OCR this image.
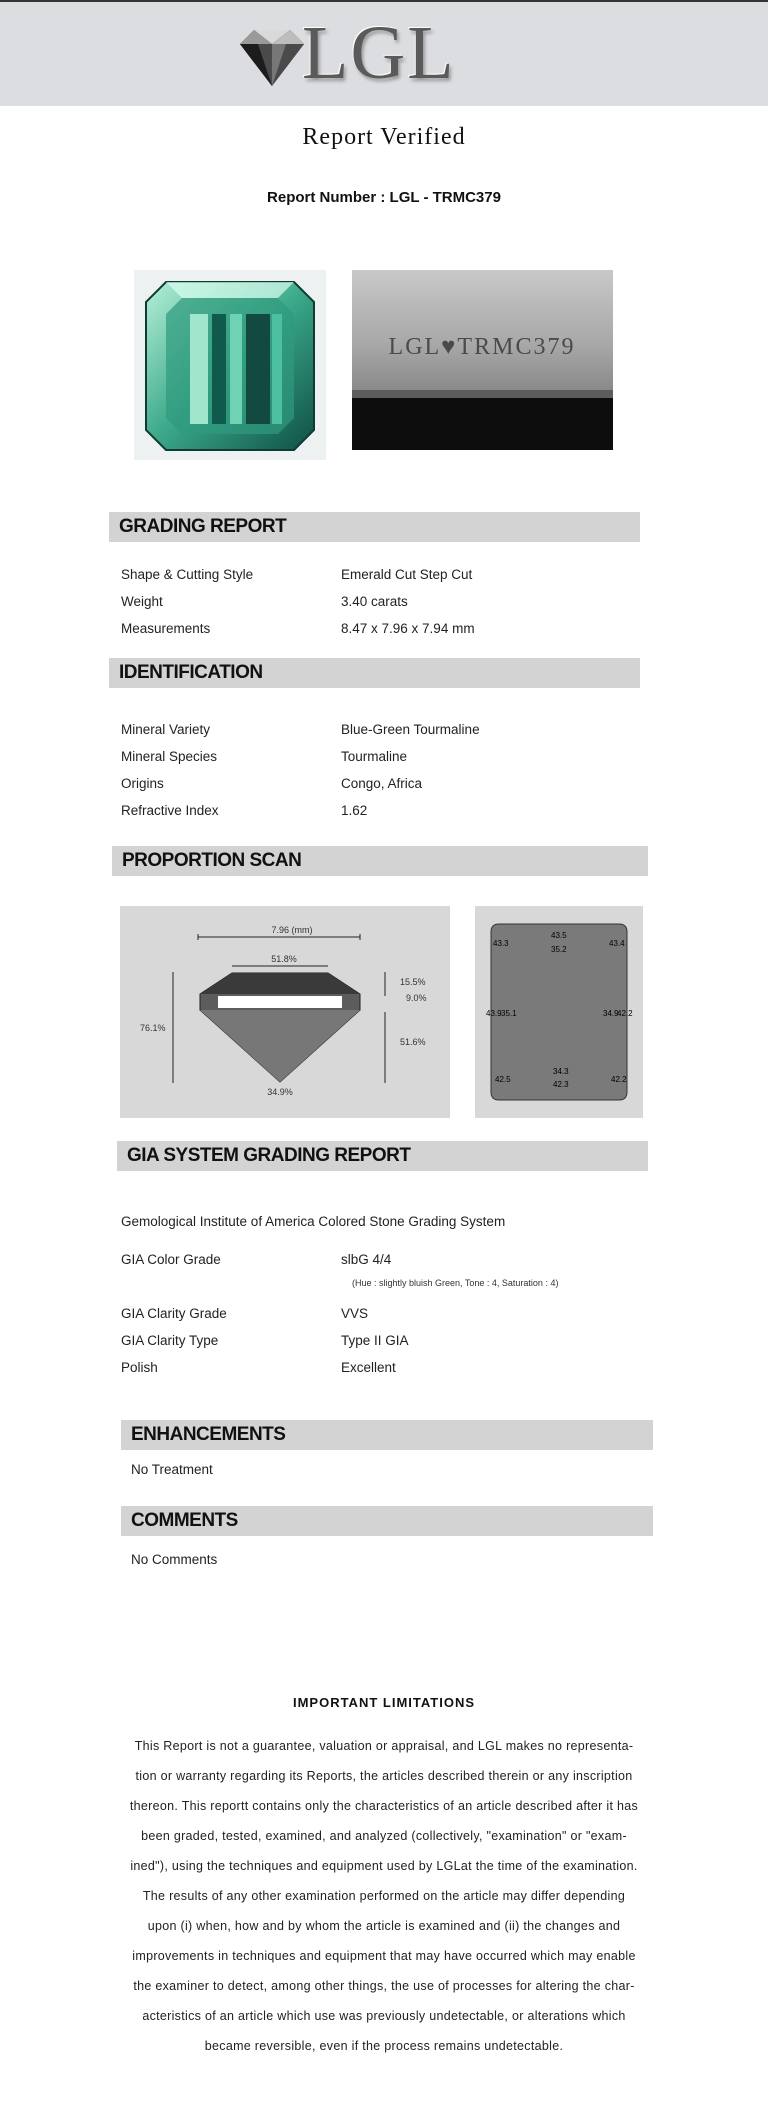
LGL
Report Verified
Report Number : LGL - TRMC379
LGL♥TRMC379
GRADING REPORT
Shape & Cutting Style	Emerald Cut Step Cut
Weight	3.40 carats
Measurements	8.47 x 7.96 x 7.94 mm
IDENTIFICATION
Mineral Variety	Blue-Green Tourmaline
Mineral Species	Tourmaline
Origins	Congo, Africa
Refractive Index	1.62
PROPORTION SCAN
7.96 (mm)
51.8%
76.1%
15.5%
9.0%
51.6%
34.9%
43.3
43.5
35.2
43.4
43.9 35.1	34.9
42.2
42.5
34.3
42.3
42.2
GIA SYSTEM GRADING REPORT
Gemological Institute of America Colored Stone Grading System
GIA Color Grade	slbG 4/4
(Hue : slightly bluish Green, Tone : 4, Saturation : 4)
GIA Clarity Grade	VVS
GIA Clarity Type	Type II GIA
Polish	Excellent
ENHANCEMENTS
No Treatment
COMMENTS
No Comments
IMPORTANT LIMITATIONS
This Report is not a guarantee, valuation or appraisal, and LGL makes no representa-
tion or warranty regarding its Reports, the articles described therein or any inscription
thereon. This reportt contains only the characteristics of an article described after it has
been graded, tested, examined, and analyzed (collectively, "examination" or "exam-
ined"), using the techniques and equipment used by LGLat the time of the examination.
The results of any other examination performed on the article may differ depending
upon (i) when, how and by whom the article is examined and (ii) the changes and
improvements in techniques and equipment that may have occurred which may enable
the examiner to detect, among other things, the use of processes for altering the char-
acteristics of an article which use was previously undetectable, or alterations which
became reversible, even if the process remains undetectable.
